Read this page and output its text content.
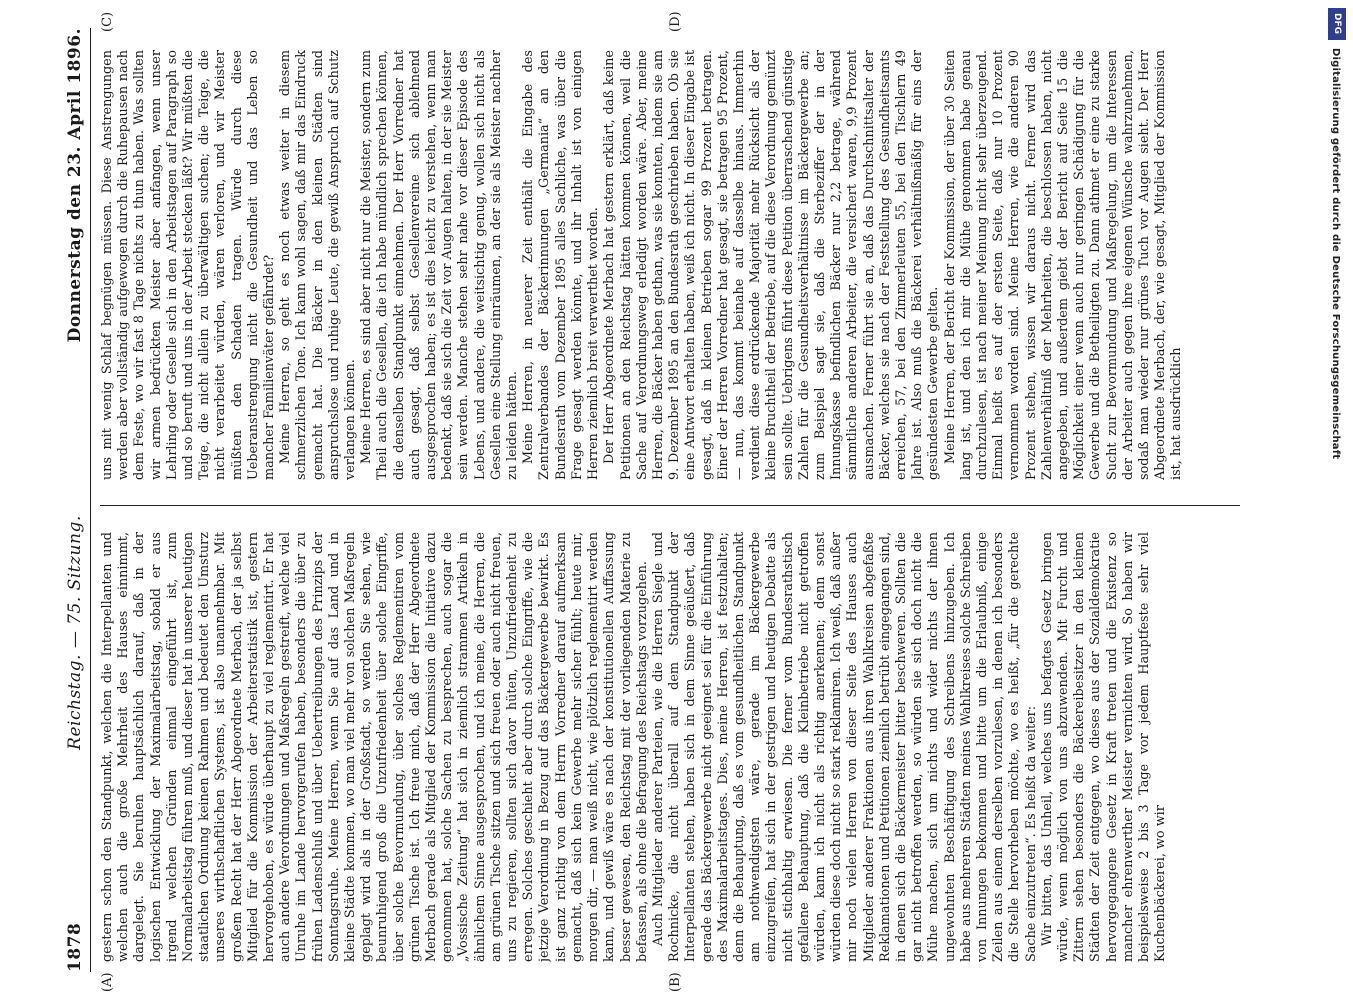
1878
Reichstag. — 75. Sitzung.
Donnerstag den 23. April 1896.
(A)	(B)
(C)	(D)

gestern schon den Standpunkt, welchen die Interpellanten und welchen auch die große Mehrheit des Hauses einnimmt, dargelegt. Sie beruhen hauptsächlich darauf, daß in der logischen Entwicklung der Maximalarbeitstag, sobald er aus irgend welchen Gründen einmal eingeführt ist, zum Normalarbeitstag führen muß, und dieser hat in unserer heutigen staatlichen Ordnung keinen Rahmen und bedeutet den Umsturz unseres wirthschaftlichen Systems, ist also unannehmbar. Mit großem Recht hat der Herr Abgeordnete Merbach, der ja selbst Mitglied für die Kommission der Arbeiterstatistik ist, gestern hervorgehoben, es würde überhaupt zu viel reglementirt. Er hat auch andere Verordnungen und Maßregeln gestreift, welche viel Unruhe im Lande hervorgerufen haben, besonders die über zu frühen Ladenschluß und über Uebertreibungen des Prinzips der Sonntagsruhe. Meine Herren, wenn Sie auf das Land und in kleine Städte kommen, wo man viel mehr von solchen Maßregeln geplagt wird als in der Großstadt, so werden Sie sehen, wie beunruhigend groß die Unzufriedenheit über solche Eingriffe, über solche Bevormundung, über solches Reglementiren vom grünen Tische ist. Ich freue mich, daß der Herr Abgeordnete Merbach gerade als Mitglied der Kommission die Initiative dazu genommen hat, solche Sachen zu besprechen, auch sogar die „Vossische Zeitung“ hat sich in ziemlich strammen Artikeln in ähnlichem Sinne ausgesprochen, und ich meine, die Herren, die am grünen Tische sitzen und sich freuen oder auch nicht freuen, uns zu regieren, sollten sich davor hüten, Unzufriedenheit zu erregen. Solches geschieht aber durch solche Eingriffe, wie die jetzige Verordnung in Bezug auf das Bäckergewerbe bewirkt. Es ist ganz richtig von dem Herrn Vorredner darauf aufmerksam gemacht, daß sich kein Gewerbe mehr sicher fühlt; heute mir, morgen dir, — man weiß nicht, wie plötzlich reglementirt werden kann, und gewiß wäre es nach der konstitutionellen Auffassung besser gewesen, den Reichstag mit der vorliegenden Materie zu befassen, als ohne die Befragung des Reichstags vorzugehen. Auch Mitglieder anderer Parteien, wie die Herren Siegle und Rochnicke, die nicht überall auf dem Standpunkt der Interpellanten stehen, haben sich in dem Sinne geäußert, daß gerade das Bäckergewerbe nicht geeignet sei für die Einführung des Maximalarbeitstages. Dies, meine Herren, ist festzuhalten; denn die Behauptung, daß es vom gesundheitlichen Standpunkt am nothwendigsten wäre, gerade im Bäckergewerbe einzugreifen, hat sich in der gestrigen und heutigen Debatte als nicht stichhaltig erwiesen. Die ferner vom Bundesrathstisch gefallene Behauptung, daß die Kleinbetriebe nicht getroffen würden, kann ich nicht als richtig anerkennen; denn sonst würden diese doch nicht so stark reklamiren. Ich weiß, daß außer mir noch vielen Herren von dieser Seite des Hauses auch Mitglieder anderer Fraktionen aus ihren Wahlkreisen abgefaßte Reklamationen und Petitionen ziemlich betrübt eingegangen sind, in denen sich die Bäckermeister bitter beschweren. Sollten die gar nicht betroffen werden, so würden sie sich doch nicht die Mühe machen, sich um nichts und wider nichts der ihnen ungewohnten Beschäftigung des Schreibens hinzugeben. Ich habe aus mehreren Städten meines Wahlkreises solche Schreiben von Innungen bekommen und bitte um die Erlaubniß, einige Zeilen aus einem derselben vorzulesen, in denen ich besonders die Stelle hervorheben möchte, wo es heißt, „für die gerechte Sache einzutreten“. Es heißt da weiter: Wir bitten, das Unheil, welches uns befagtes Gesetz bringen würde, wenn möglich von uns abzuwenden. Mit Furcht und Zittern sehen besonders die Bäckereibesitzer in den kleinen Städten der Zeit entgegen, wo dieses aus der Sozialdemokratie hervorgegangene Gesetz in Kraft treten und die Existenz so mancher ehrenwerther Meister vernichten wird. So haben wir beispielsweise 2 bis 3 Tage vor jedem Hauptfeste sehr viel Kuchenbäckerei, wo wir

uns mit wenig Schlaf begnügen müssen. Diese Anstrengungen werden aber vollständig aufgewogen durch die Ruhepausen nach dem Feste, wo wir fast 8 Tage nichts zu thun haben. Was sollten wir armen bedrückten Meister aber anfangen, wenn unser Lehrling oder Geselle sich in den Arbeitstagen auf Paragraph so und so beruft und uns in der Arbeit stecken läßt? Wir müßten die Teige, die nicht allein zu überwältigen suchen; die Teige, die nicht verarbeitet würden, wären verloren, und wir Meister müßten den Schaden tragen. Würde durch diese Ueberanstrengung nicht die Gesundheit und das Leben so mancher Familienväter gefährdet? Meine Herren, so geht es noch etwas weiter in diesem schmerzlichen Tone. Ich kann wohl sagen, daß mir das Eindruck gemacht hat. Die Bäcker in den kleinen Städten sind anspruchslose und ruhige Leute, die gewiß Anspruch auf Schutz verlangen können. Meine Herren, es sind aber nicht nur die Meister, sondern zum Theil auch die Gesellen, die ich habe mündlich sprechen können, die denselben Standpunkt einnehmen. Der Herr Vorredner hat auch gesagt, daß selbst Gesellenvereine sich ablehnend ausgesprochen haben; es ist dies leicht zu verstehen, wenn man bedenkt, daß sie sich die Zeit vor Augen halten, in der sie Meister sein werden. Manche stehen sehr nahe vor dieser Episode des Lebens, und andere, die weitsichtig genug, wollen sich nicht als Gesellen eine Stellung einräumen, an der sie als Meister nachher zu leiden hätten. Meine Herren, in neuerer Zeit enthält die Eingabe des Zentralverbandes der Bäckerinnungen „Germania“ an den Bundesrath vom Dezember 1895 alles Sachliche, was über die Frage gesagt werden könnte, und ihr Inhalt ist von einigen Herren ziemlich breit verwerthet worden. Der Herr Abgeordnete Merbach hat gestern erklärt, daß keine Petitionen an den Reichstag hätten kommen können, weil die Sache auf Verordnungsweg erledigt worden wäre. Aber, meine Herren, die Bäcker haben gethan, was sie konnten, indem sie am 9. Dezember 1895 an den Bundesrath geschrieben haben. Ob sie eine Antwort erhalten haben, weiß ich nicht. In dieser Eingabe ist gesagt, daß in kleinen Betrieben sogar 99 Prozent betragen. Einer der Herren Vorredner hat gesagt, sie betragen 95 Prozent, — nun, das kommt beinahe auf dasselbe hinaus. Immerhin verdient diese erdrückende Majorität mehr Rücksicht als der kleine Bruchtheil der Betriebe, auf die diese Verordnung gemünzt sein sollte. Uebrigens führt diese Petition überraschend günstige Zahlen für die Gesundheitsverhältnisse im Bäckergewerbe an; zum Beispiel sagt sie, daß die Sterbeziffer der in der Innungskasse befindlichen Bäcker nur 2,2 betrage, während sämmtliche anderen Arbeiter, die versichert waren, 9,9 Prozent ausmachen. Ferner führt sie an, daß das Durchschnittsalter der Bäcker, welches sie nach der Feststellung des Gesundheitsamts erreichen, 57, bei den Zimmerleuten 55, bei den Tischlern 49 Jahre ist. Also muß die Bäckerei verhältnißmäßig für eins der gesündesten Gewerbe gelten. Meine Herren, der Bericht der Kommission, der über 30 Seiten lang ist, und den ich mir die Mühe genommen habe genau durchzulesen, ist nach meiner Meinung nicht sehr überzeugend. Einmal heißt es auf der ersten Seite, daß nur 10 Prozent vernommen worden sind. Meine Herren, wie die anderen 90 Prozent stehen, wissen wir daraus nicht. Ferner wird das Zahlenverhältniß der Mehrheiten, die beschlossen haben, nicht angegeben, und außerdem giebt der Bericht auf Seite 15 die Möglichkeit einer wenn auch nur geringen Schädigung für die Gewerbe und die Betheiligten zu. Dann athmet er eine zu starke Sucht zur Bevormundung und Maßregelung, um die Interessen der Arbeiter auch gegen ihre eigenen Wünsche wahrzunehmen, sodaß man wieder nur grünes Tuch vor Augen sieht. Der Herr Abgeordnete Merbach, der, wie gesagt, Mitglied der Kommission ist, hat ausdrücklich

DFG
Digitalisierung gefördert durch die Deutsche Forschungsgemeinschaft
